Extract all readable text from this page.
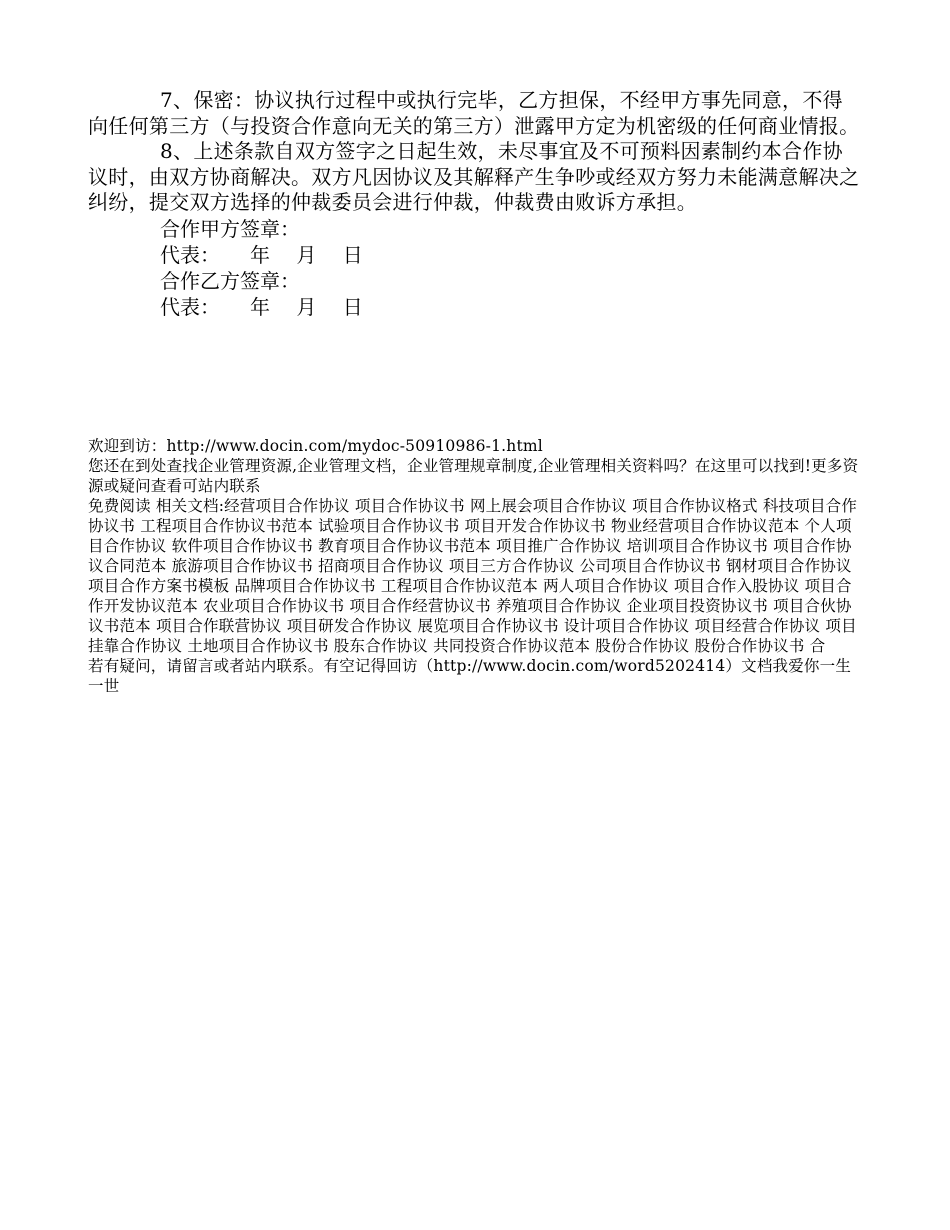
7、保密：协议执行过程中或执行完毕，乙方担保，不经甲方事先同意，不得向任何第三方（与投资合作意向无关的第三方）泄露甲方定为机密级的任何商业情报。

8、上述条款自双方签字之日起生效，未尽事宜及不可预料因素制约本合作协议时，由双方协商解决。双方凡因协议及其解释产生争吵或经双方努力未能满意解决之纠纷，提交双方选择的仲裁委员会进行仲裁，仲裁费由败诉方承担。

合作甲方签章：

代表：　　年　 月　 日

合作乙方签章：

代表：　　年　 月　 日

欢迎到访：http://www.docin.com/mydoc-50910986-1.html

您还在到处查找企业管理资源,企业管理文档，企业管理规章制度,企业管理相关资料吗？在这里可以找到!更多资源或疑问查看可站内联系

免费阅读 相关文档:经营项目合作协议 项目合作协议书 网上展会项目合作协议 项目合作协议格式 科技项目合作协议书 工程项目合作协议书范本 试验项目合作协议书 项目开发合作协议书 物业经营项目合作协议范本 个人项目合作协议 软件项目合作协议书 教育项目合作协议书范本 项目推广合作协议 培训项目合作协议书 项目合作协议合同范本 旅游项目合作协议书 招商项目合作协议 项目三方合作协议 公司项目合作协议书 钢材项目合作协议 项目合作方案书模板 品牌项目合作协议书 工程项目合作协议范本 两人项目合作协议 项目合作入股协议 项目合作开发协议范本 农业项目合作协议书 项目合作经营协议书 养殖项目合作协议 企业项目投资协议书 项目合伙协议书范本 项目合作联营协议 项目研发合作协议 展览项目合作协议书 设计项目合作协议 项目经营合作协议 项目挂靠合作协议 土地项目合作协议书 股东合作协议 共同投资合作协议范本 股份合作协议 股份合作协议书 合

若有疑问，请留言或者站内联系。有空记得回访（http://www.docin.com/word5202414）文档我爱你一生一世
